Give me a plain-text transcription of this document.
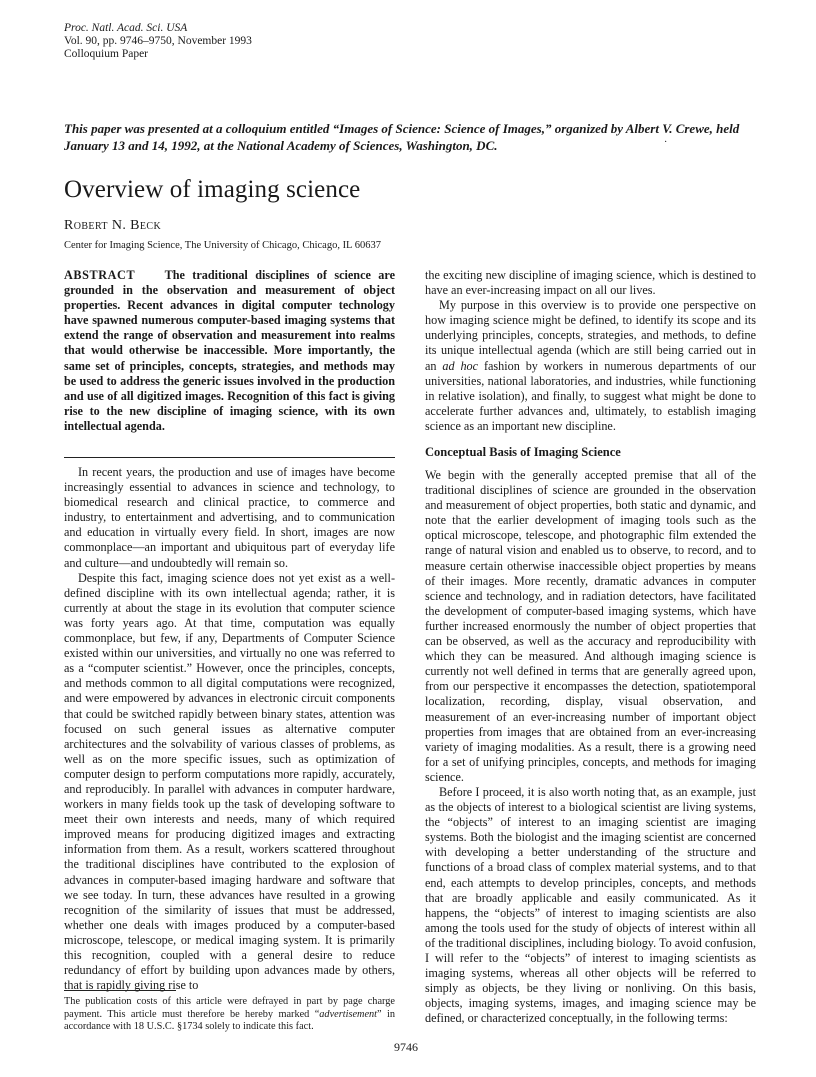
Proc. Natl. Acad. Sci. USA
Vol. 90, pp. 9746–9750, November 1993
Colloquium Paper
This paper was presented at a colloquium entitled “Images of Science: Science of Images,” organized by Albert V. Crewe, held January 13 and 14, 1992, at the National Academy of Sciences, Washington, DC.	·
Overview of imaging science
Robert N. Beck
Center for Imaging Science, The University of Chicago, Chicago, IL 60637

ABSTRACT The traditional disciplines of science are grounded in the observation and measurement of object properties. Recent advances in digital computer technology have spawned numerous computer-based imaging systems that extend the range of observation and measurement into realms that would otherwise be inaccessible. More importantly, the same set of principles, concepts, strategies, and methods may be used to address the generic issues involved in the production and use of all digitized images. Recognition of this fact is giving rise to the new discipline of imaging science, with its own intellectual agenda.

In recent years, the production and use of images have become increasingly essential to advances in science and technology, to biomedical research and clinical practice, to commerce and industry, to entertainment and advertising, and to communication and education in virtually every field. In short, images are now commonplace—an important and ubiquitous part of everyday life and culture—and undoubtedly will remain so.

Despite this fact, imaging science does not yet exist as a well-defined discipline with its own intellectual agenda; rather, it is currently at about the stage in its evolution that computer science was forty years ago. At that time, computation was equally commonplace, but few, if any, Departments of Computer Science existed within our universities, and virtually no one was referred to as a “computer scientist.” However, once the principles, concepts, and methods common to all digital computations were recognized, and were empowered by advances in electronic circuit components that could be switched rapidly between binary states, attention was focused on such general issues as alternative computer architectures and the solvability of various classes of problems, as well as on the more specific issues, such as optimization of computer design to perform computations more rapidly, accurately, and reproducibly. In parallel with advances in computer hardware, workers in many fields took up the task of developing software to meet their own interests and needs, many of which required improved means for producing digitized images and extracting information from them. As a result, workers scattered throughout the traditional disciplines have contributed to the explosion of advances in computer-based imaging hardware and software that we see today. In turn, these advances have resulted in a growing recognition of the similarity of issues that must be addressed, whether one deals with images produced by a computer-based microscope, telescope, or medical imaging system. It is primarily this recognition, coupled with a general desire to reduce redundancy of effort by building upon advances made by others, that is rapidly giving rise to

the exciting new discipline of imaging science, which is destined to have an ever-increasing impact on all our lives.

My purpose in this overview is to provide one perspective on how imaging science might be defined, to identify its scope and its underlying principles, concepts, strategies, and methods, to define its unique intellectual agenda (which are still being carried out in an ad hoc fashion by workers in numerous departments of our universities, national laboratories, and industries, while functioning in relative isolation), and finally, to suggest what might be done to accelerate further advances and, ultimately, to establish imaging science as an important new discipline.

Conceptual Basis of Imaging Science

We begin with the generally accepted premise that all of the traditional disciplines of science are grounded in the observation and measurement of object properties, both static and dynamic, and note that the earlier development of imaging tools such as the optical microscope, telescope, and photographic film extended the range of natural vision and enabled us to observe, to record, and to measure certain otherwise inaccessible object properties by means of their images. More recently, dramatic advances in computer science and technology, and in radiation detectors, have facilitated the development of computer-based imaging systems, which have further increased enormously the number of object properties that can be observed, as well as the accuracy and reproducibility with which they can be measured. And although imaging science is currently not well defined in terms that are generally agreed upon, from our perspective it encompasses the detection, spatiotemporal localization, recording, display, visual observation, and measurement of an ever-increasing number of important object properties from images that are obtained from an ever-increasing variety of imaging modalities. As a result, there is a growing need for a set of unifying principles, concepts, and methods for imaging science.

Before I proceed, it is also worth noting that, as an example, just as the objects of interest to a biological scientist are living systems, the “objects” of interest to an imaging scientist are imaging systems. Both the biologist and the imaging scientist are concerned with developing a better understanding of the structure and functions of a broad class of complex material systems, and to that end, each attempts to develop principles, concepts, and methods that are broadly applicable and easily communicated. As it happens, the “objects” of interest to imaging scientists are also among the tools used for the study of objects of interest within all of the traditional disciplines, including biology. To avoid confusion, I will refer to the “objects” of interest to imaging scientists as imaging systems, whereas all other objects will be referred to simply as objects, be they living or nonliving. On this basis, objects, imaging systems, images, and imaging science may be defined, or characterized conceptually, in the following terms:

The publication costs of this article were defrayed in part by page charge payment. This article must therefore be hereby marked “advertisement” in accordance with 18 U.S.C. §1734 solely to indicate this fact.
9746
